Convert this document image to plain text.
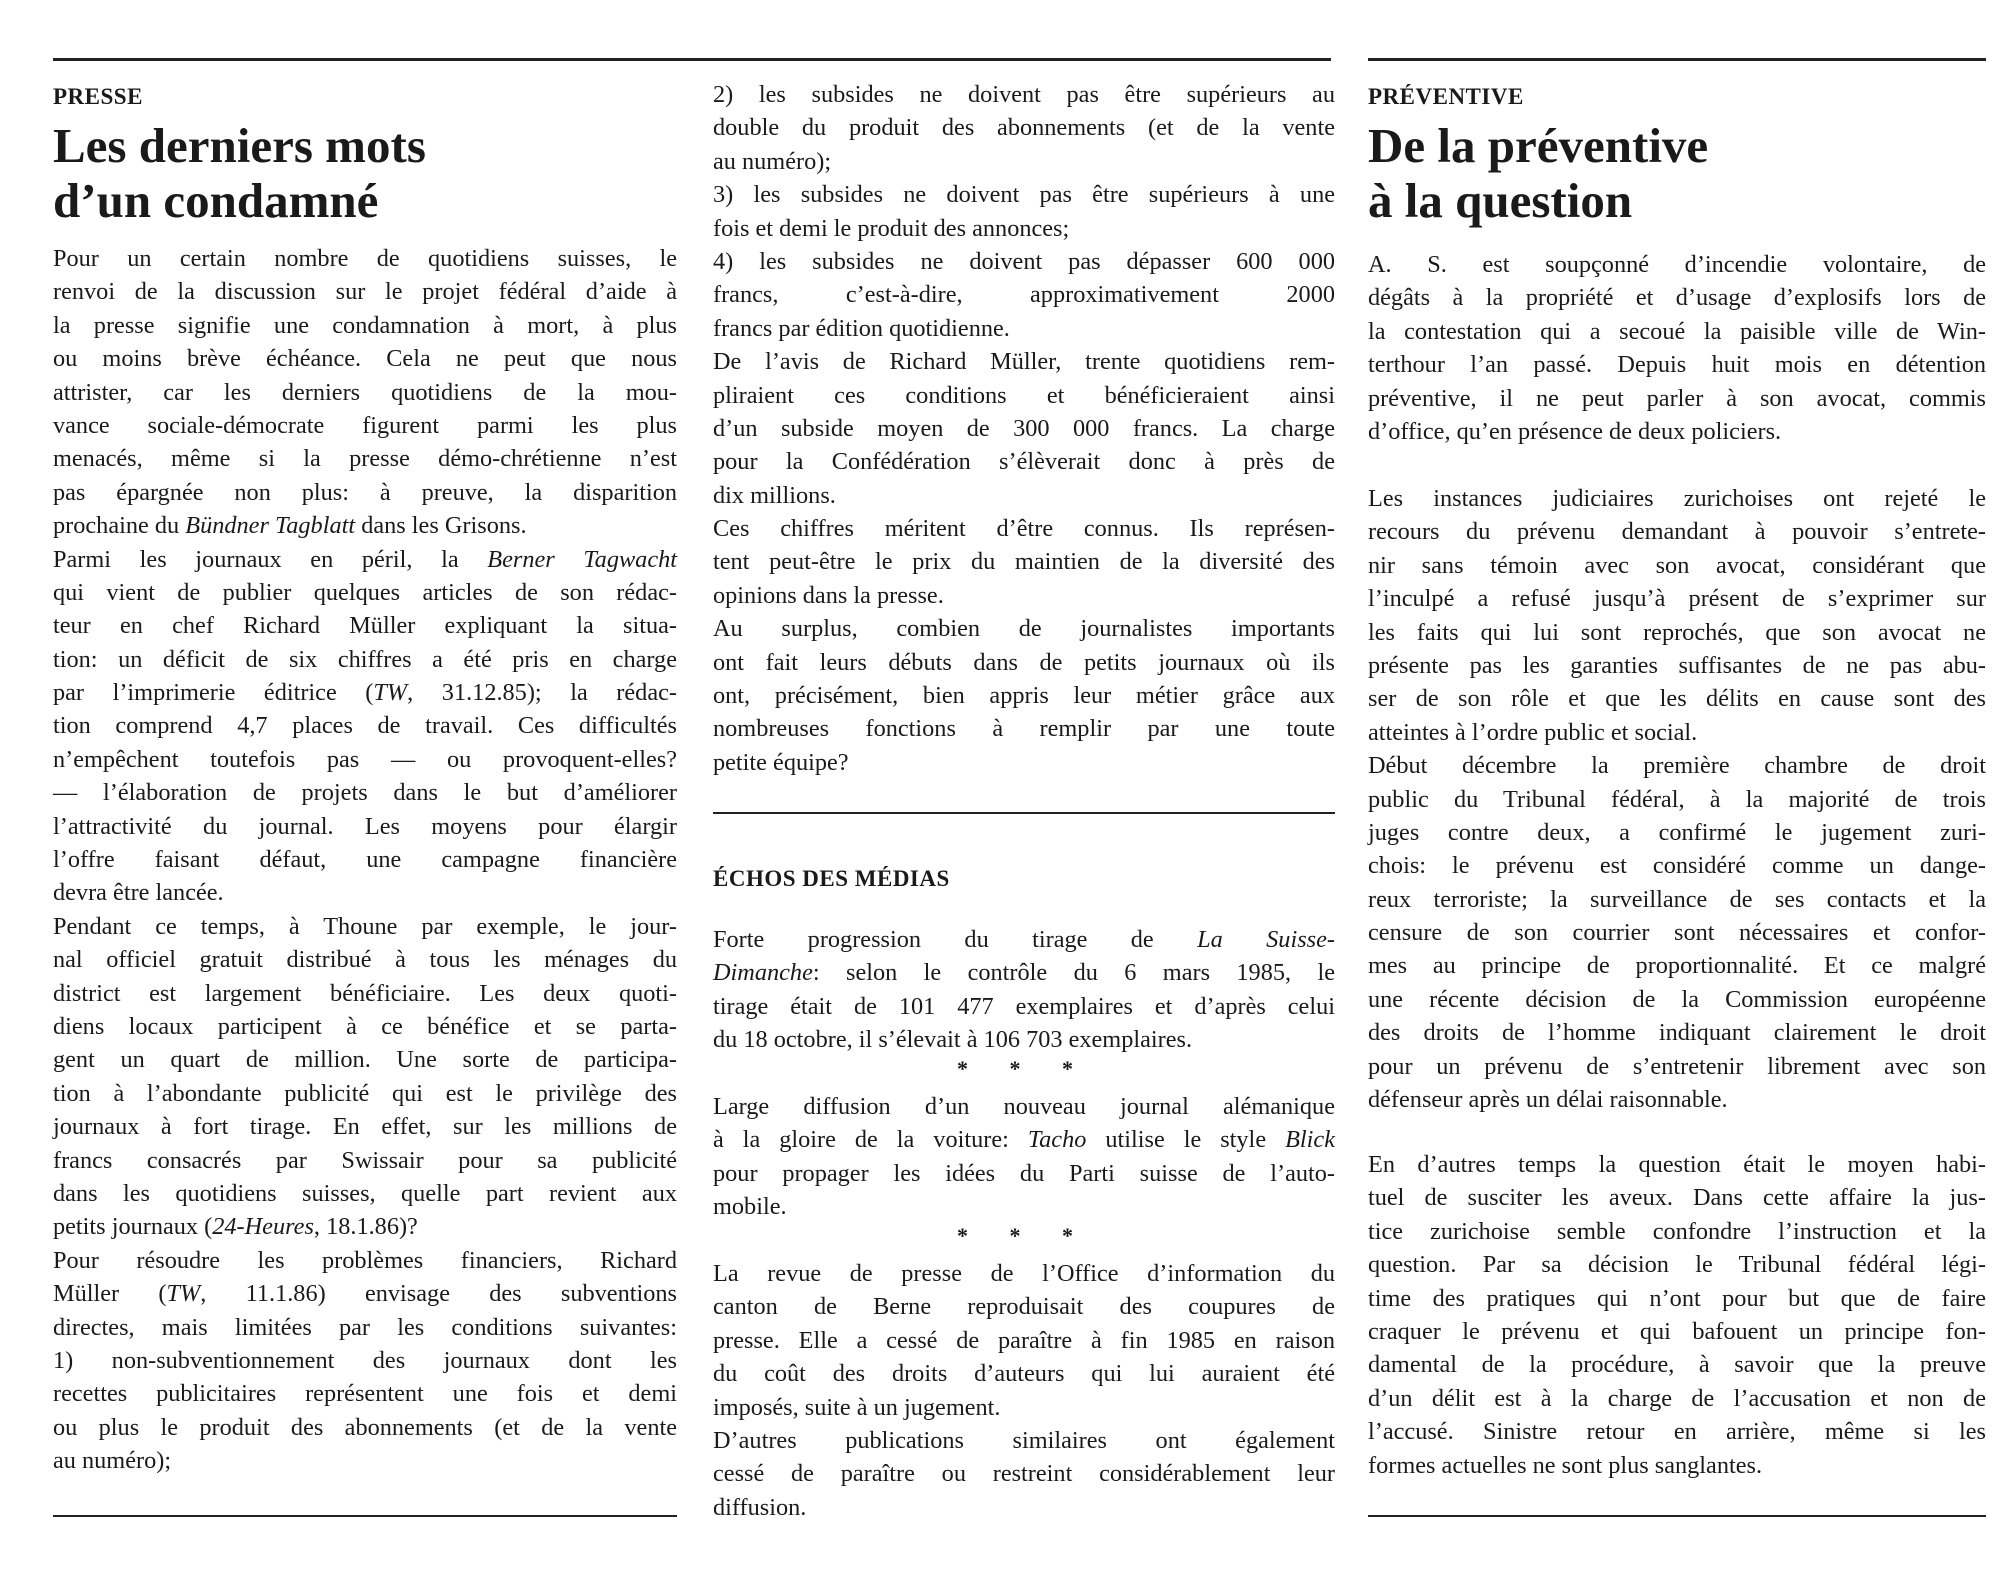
PRESSE
Les derniers mots
d’un condamné
Pour un certain nombre de quotidiens suisses, le
renvoi de la discussion sur le projet fédéral d’aide à
la presse signifie une condamnation à mort, à plus
ou moins brève échéance. Cela ne peut que nous
attrister, car les derniers quotidiens de la mou-
vance sociale-démocrate figurent parmi les plus
menacés, même si la presse démo-chrétienne n’est
pas épargnée non plus: à preuve, la disparition
prochaine du Bündner Tagblatt dans les Grisons.
Parmi les journaux en péril, la Berner Tagwacht
qui vient de publier quelques articles de son rédac-
teur en chef Richard Müller expliquant la situa-
tion: un déficit de six chiffres a été pris en charge
par l’imprimerie éditrice (TW, 31.12.85); la rédac-
tion comprend 4,7 places de travail. Ces difficultés
n’empêchent toutefois pas — ou provoquent-elles?
— l’élaboration de projets dans le but d’améliorer
l’attractivité du journal. Les moyens pour élargir
l’offre faisant défaut, une campagne financière
devra être lancée.
Pendant ce temps, à Thoune par exemple, le jour-
nal officiel gratuit distribué à tous les ménages du
district est largement bénéficiaire. Les deux quoti-
diens locaux participent à ce bénéfice et se parta-
gent un quart de million. Une sorte de participa-
tion à l’abondante publicité qui est le privilège des
journaux à fort tirage. En effet, sur les millions de
francs consacrés par Swissair pour sa publicité
dans les quotidiens suisses, quelle part revient aux
petits journaux (24-Heures, 18.1.86)?
Pour résoudre les problèmes financiers, Richard
Müller (TW, 11.1.86) envisage des subventions
directes, mais limitées par les conditions suivantes:
1) non-subventionnement des journaux dont les
recettes publicitaires représentent une fois et demi
ou plus le produit des abonnements (et de la vente
au numéro);
2) les subsides ne doivent pas être supérieurs au
double du produit des abonnements (et de la vente
au numéro);
3) les subsides ne doivent pas être supérieurs à une
fois et demi le produit des annonces;
4) les subsides ne doivent pas dépasser 600 000
francs, c’est-à-dire, approximativement 2000
francs par édition quotidienne.
De l’avis de Richard Müller, trente quotidiens rem-
pliraient ces conditions et bénéficieraient ainsi
d’un subside moyen de 300 000 francs. La charge
pour la Confédération s’élèverait donc à près de
dix millions.
Ces chiffres méritent d’être connus. Ils représen-
tent peut-être le prix du maintien de la diversité des
opinions dans la presse.
Au surplus, combien de journalistes importants
ont fait leurs débuts dans de petits journaux où ils
ont, précisément, bien appris leur métier grâce aux
nombreuses fonctions à remplir par une toute
petite équipe?
ÉCHOS DES MÉDIAS
Forte progression du tirage de La Suisse-
Dimanche: selon le contrôle du 6 mars 1985, le
tirage était de 101 477 exemplaires et d’après celui
du 18 octobre, il s’élevait à 106 703 exemplaires.
* * *
Large diffusion d’un nouveau journal alémanique
à la gloire de la voiture: Tacho utilise le style Blick
pour propager les idées du Parti suisse de l’auto-
mobile.
* * *
La revue de presse de l’Office d’information du
canton de Berne reproduisait des coupures de
presse. Elle a cessé de paraître à fin 1985 en raison
du coût des droits d’auteurs qui lui auraient été
imposés, suite à un jugement.
D’autres publications similaires ont également
cessé de paraître ou restreint considérablement leur
diffusion.
PRÉVENTIVE
De la préventive
à la question
A. S. est soupçonné d’incendie volontaire, de
dégâts à la propriété et d’usage d’explosifs lors de
la contestation qui a secoué la paisible ville de Win-
terthour l’an passé. Depuis huit mois en détention
préventive, il ne peut parler à son avocat, commis
d’office, qu’en présence de deux policiers.
Les instances judiciaires zurichoises ont rejeté le
recours du prévenu demandant à pouvoir s’entrete-
nir sans témoin avec son avocat, considérant que
l’inculpé a refusé jusqu’à présent de s’exprimer sur
les faits qui lui sont reprochés, que son avocat ne
présente pas les garanties suffisantes de ne pas abu-
ser de son rôle et que les délits en cause sont des
atteintes à l’ordre public et social.
Début décembre la première chambre de droit
public du Tribunal fédéral, à la majorité de trois
juges contre deux, a confirmé le jugement zuri-
chois: le prévenu est considéré comme un dange-
reux terroriste; la surveillance de ses contacts et la
censure de son courrier sont nécessaires et confor-
mes au principe de proportionnalité. Et ce malgré
une récente décision de la Commission européenne
des droits de l’homme indiquant clairement le droit
pour un prévenu de s’entretenir librement avec son
défenseur après un délai raisonnable.
En d’autres temps la question était le moyen habi-
tuel de susciter les aveux. Dans cette affaire la jus-
tice zurichoise semble confondre l’instruction et la
question. Par sa décision le Tribunal fédéral légi-
time des pratiques qui n’ont pour but que de faire
craquer le prévenu et qui bafouent un principe fon-
damental de la procédure, à savoir que la preuve
d’un délit est à la charge de l’accusation et non de
l’accusé. Sinistre retour en arrière, même si les
formes actuelles ne sont plus sanglantes.
